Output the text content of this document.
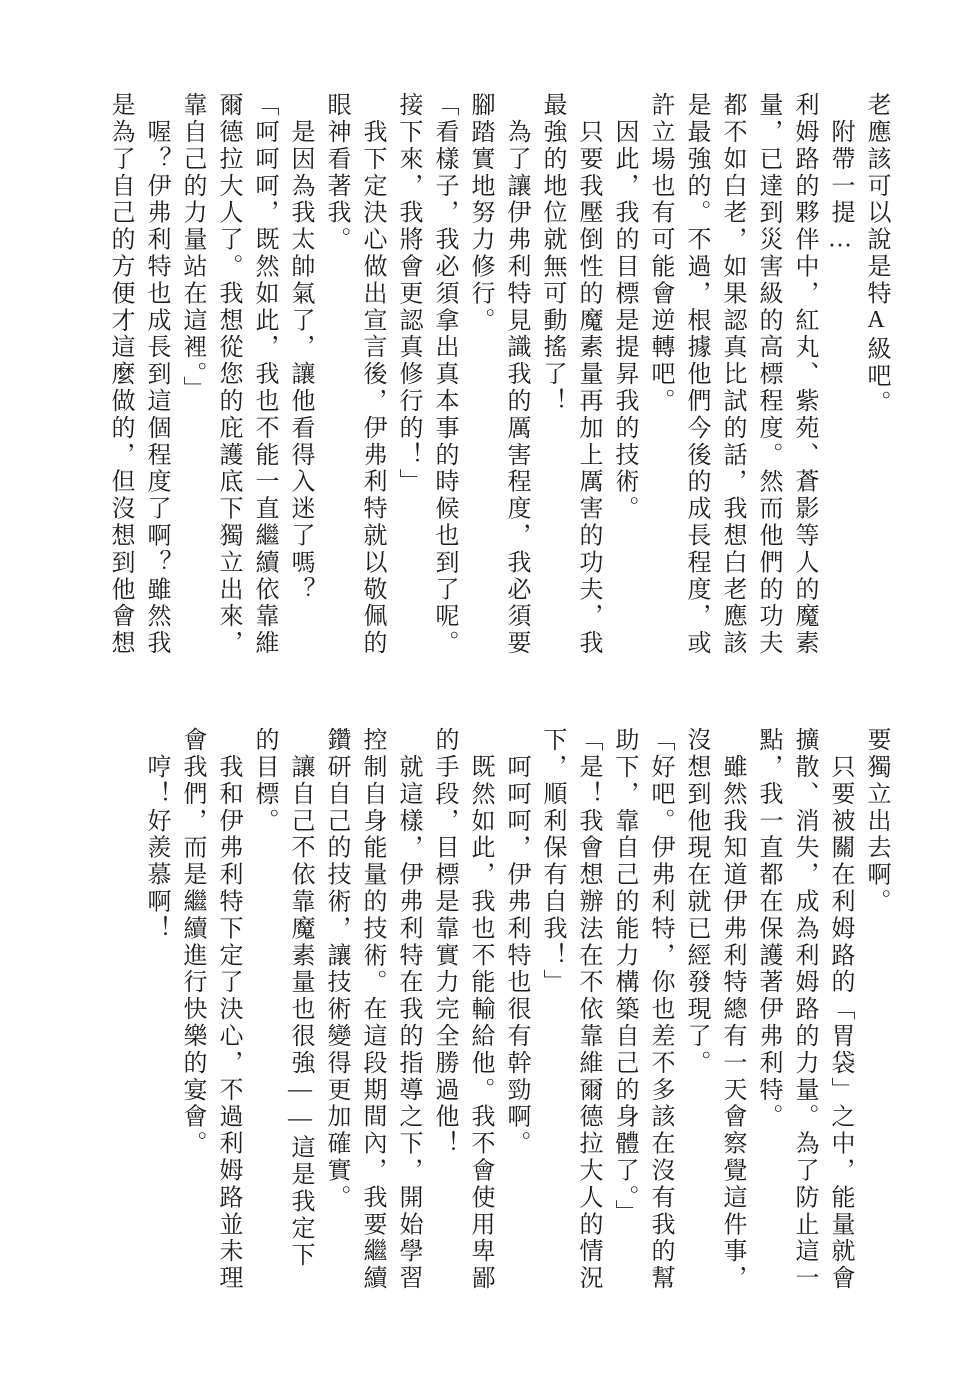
老應該可以說是特A級吧。

　附帶一提…

利姆路的夥伴中，紅丸、紫苑、蒼影等人的魔素量，已達到災害級的高標程度。然而他們的功夫都不如白老，如果認真比試的話，我想白老應該是最強的。不過，根據他們今後的成長程度，或許立場也有可能會逆轉吧。

　因此，我的目標是提昇我的技術。

　只要我壓倒性的魔素量再加上厲害的功夫，我最強的地位就無可動搖了！

　為了讓伊弗利特見識我的厲害程度，我必須要腳踏實地努力修行。

「看樣子，我必須拿出真本事的時候也到了呢。接下來，我將會更認真修行的！」

　我下定決心做出宣言後，伊弗利特就以敬佩的眼神看著我。

　是因為我太帥氣了，讓他看得入迷了嗎？

「呵呵呵，既然如此，我也不能一直繼續依靠維爾德拉大人了。我想從您的庇護底下獨立出來，靠自己的力量站在這裡。」

　喔？伊弗利特也成長到這個程度了啊？雖然我是為了自己的方便才這麼做的，但沒想到他會想

要獨立出去啊。

　只要被關在利姆路的「胃袋」之中，能量就會擴散、消失，成為利姆路的力量。為了防止這一點，我一直都在保護著伊弗利特。

　雖然我知道伊弗利特總有一天會察覺這件事，沒想到他現在就已經發現了。

「好吧。伊弗利特，你也差不多該在沒有我的幫助下，靠自己的能力構築自己的身體了。」

「是！我會想辦法在不依靠維爾德拉大人的情況下，順利保有自我！」

　呵呵呵，伊弗利特也很有幹勁啊。

　既然如此，我也不能輸給他。我不會使用卑鄙的手段，目標是靠實力完全勝過他！

　就這樣，伊弗利特在我的指導之下，開始學習控制自身能量的技術。在這段期間內，我要繼續鑽研自己的技術，讓技術變得更加確實。

　讓自己不依靠魔素量也很強——這是我定下的目標。

　我和伊弗利特下定了決心，不過利姆路並未理會我們，而是繼續進行快樂的宴會。

　哼！好羨慕啊！
